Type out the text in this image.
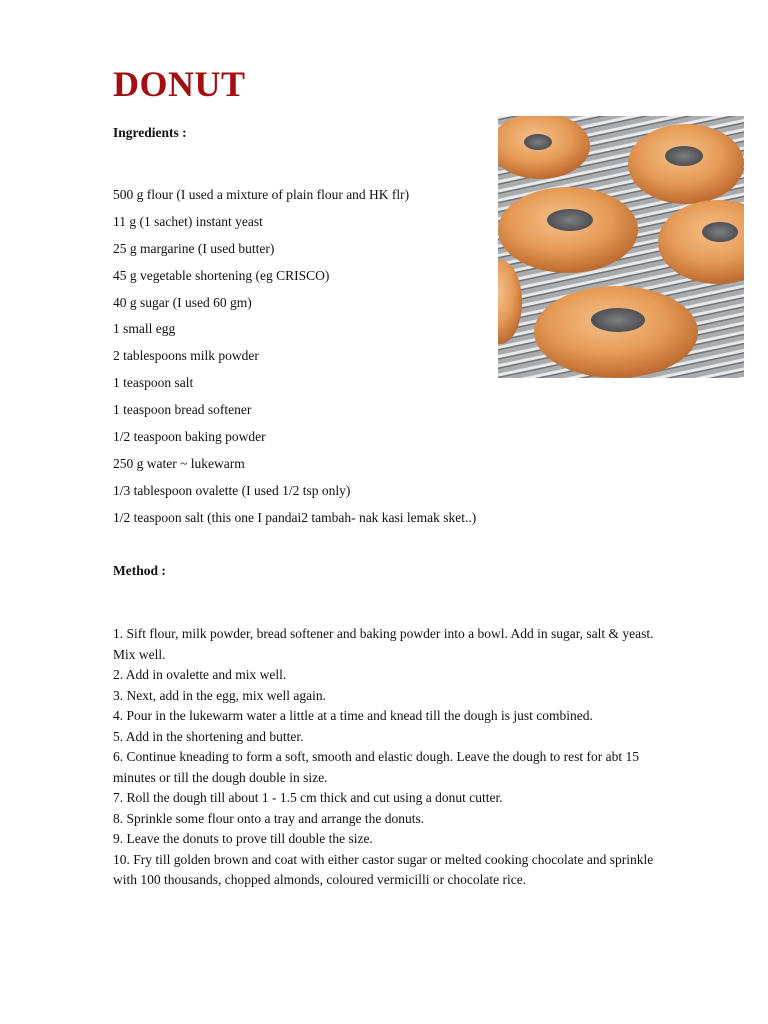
DONUT

Ingredients :

500 g flour (I used a mixture of plain flour and HK flr)
11 g (1 sachet) instant yeast
25 g margarine (I used butter)
45 g vegetable shortening (eg CRISCO)
40 g sugar (I used 60 gm)
1 small egg
2 tablespoons milk powder
1 teaspoon salt
1 teaspoon bread softener
1/2 teaspoon baking powder
250 g water ~ lukewarm
1/3 tablespoon ovalette (I used 1/2 tsp only)
1/2 teaspoon salt (this one I pandai2 tambah- nak kasi lemak sket..)

Method :

1. Sift flour, milk powder, bread softener and baking powder into a bowl. Add in sugar, salt & yeast. Mix well.
2. Add in ovalette and mix well.
3. Next, add in the egg, mix well again.
4. Pour in the lukewarm water a little at a time and knead till the dough is just combined.
5. Add in the shortening and butter.
6. Continue kneading to form a soft, smooth and elastic dough. Leave the dough to rest for abt 15 minutes or till the dough double in size.
7. Roll the dough till about 1 - 1.5 cm thick and cut using a donut cutter.
8. Sprinkle some flour onto a tray and arrange the donuts.
9. Leave the donuts to prove till double the size.
10. Fry till golden brown and coat with either castor sugar or melted cooking chocolate and sprinkle with 100 thousands, chopped almonds, coloured vermicilli or chocolate rice.
